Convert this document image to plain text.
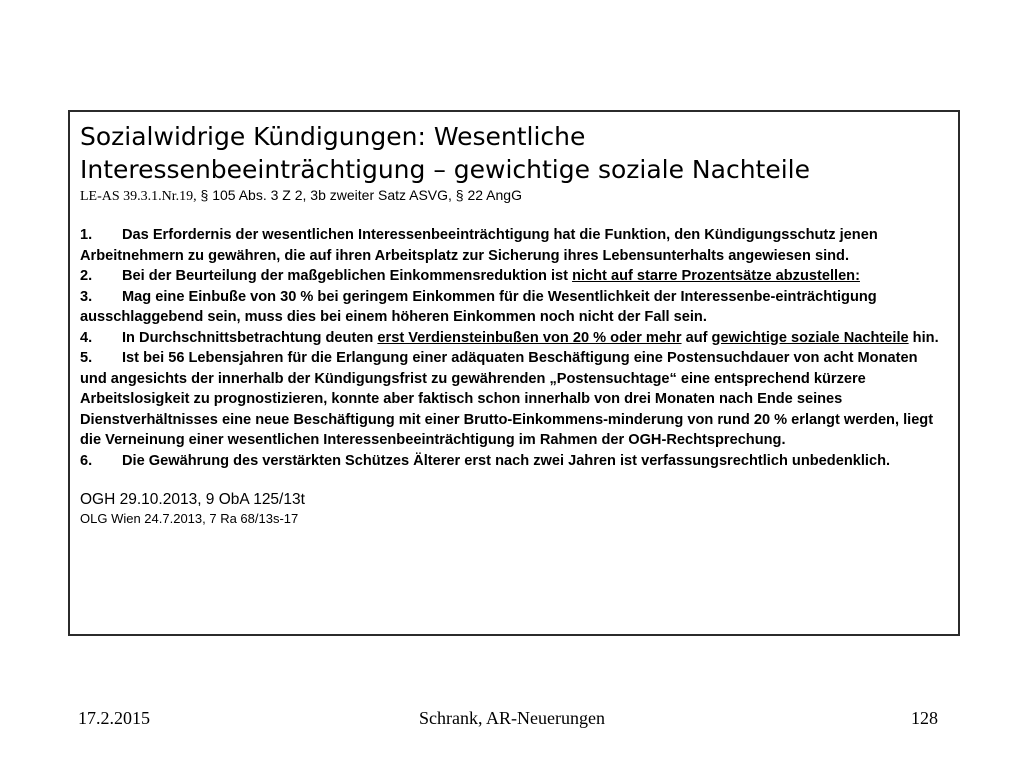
Sozialwidrige Kündigungen: Wesentliche
Interessenbeeinträchtigung – gewichtige soziale Nachteile

LE-AS 39.3.1.Nr.19, § 105 Abs. 3 Z 2, 3b zweiter Satz ASVG, § 22 AngG

1. Das Erfordernis der wesentlichen Interessenbeeinträchtigung hat die Funktion, den Kündigungsschutz jenen Arbeitnehmern zu gewähren, die auf ihren Arbeitsplatz zur Sicherung ihres Lebensunterhalts angewiesen sind.

2. Bei der Beurteilung der maßgeblichen Einkommensreduktion ist nicht auf starre Prozentsätze abzustellen:

3. Mag eine Einbuße von 30 % bei geringem Einkommen für die Wesentlichkeit der Interessenbe-einträchtigung ausschlaggebend sein, muss dies bei einem höheren Einkommen noch nicht der Fall sein.

4. In Durchschnittsbetrachtung deuten erst Verdiensteinbußen von 20 % oder mehr auf gewichtige soziale Nachteile hin.

5. Ist bei 56 Lebensjahren für die Erlangung einer adäquaten Beschäftigung eine Postensuchdauer von acht Monaten und angesichts der innerhalb der Kündigungsfrist zu gewährenden „Postensuchtage“ eine entsprechend kürzere Arbeitslosigkeit zu prognostizieren, konnte aber faktisch schon innerhalb von drei Monaten nach Ende seines Dienstverhältnisses eine neue Beschäftigung mit einer Brutto-Einkommens-minderung von rund 20 % erlangt werden, liegt die Verneinung einer wesentlichen Interessenbeeinträchtigung im Rahmen der OGH-Rechtsprechung.

6. Die Gewährung des verstärkten Schützes Älterer erst nach zwei Jahren ist verfassungsrechtlich unbedenklich.

OGH 29.10.2013, 9 ObA 125/13t

OLG Wien 24.7.2013, 7 Ra 68/13s-17

17.2.2015	Schrank, AR-Neuerungen	128
